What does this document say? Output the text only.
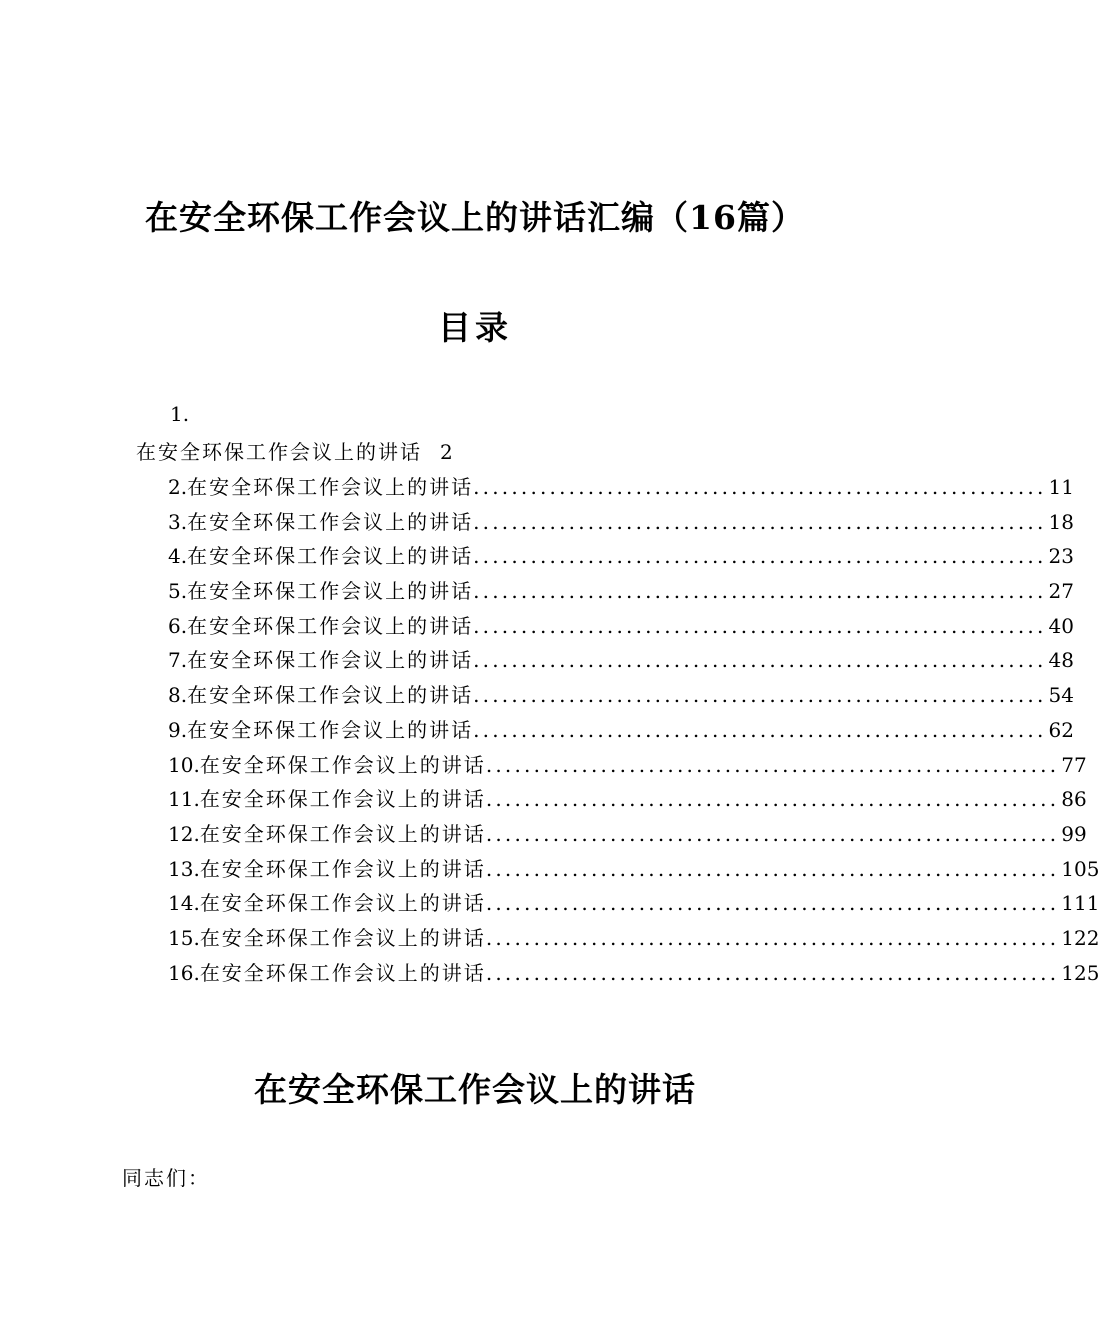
在安全环保工作会议上的讲话汇编（16篇）
目录
1.
在安全环保工作会议上的讲话 2
2. 在安全环保工作会议上的讲话 ............................................................ 11
3. 在安全环保工作会议上的讲话 ............................................................ 18
4. 在安全环保工作会议上的讲话 ............................................................ 23
5. 在安全环保工作会议上的讲话 ............................................................ 27
6. 在安全环保工作会议上的讲话 ............................................................ 40
7. 在安全环保工作会议上的讲话 ............................................................ 48
8. 在安全环保工作会议上的讲话 ............................................................ 54
9. 在安全环保工作会议上的讲话 ............................................................ 62
10. 在安全环保工作会议上的讲话 ............................................................ 77
11. 在安全环保工作会议上的讲话 ............................................................ 86
12. 在安全环保工作会议上的讲话 ............................................................ 99
13. 在安全环保工作会议上的讲话 ............................................................ 105
14. 在安全环保工作会议上的讲话 ............................................................ 111
15. 在安全环保工作会议上的讲话 ............................................................ 122
16. 在安全环保工作会议上的讲话 ............................................................ 125
在安全环保工作会议上的讲话
同志们：
